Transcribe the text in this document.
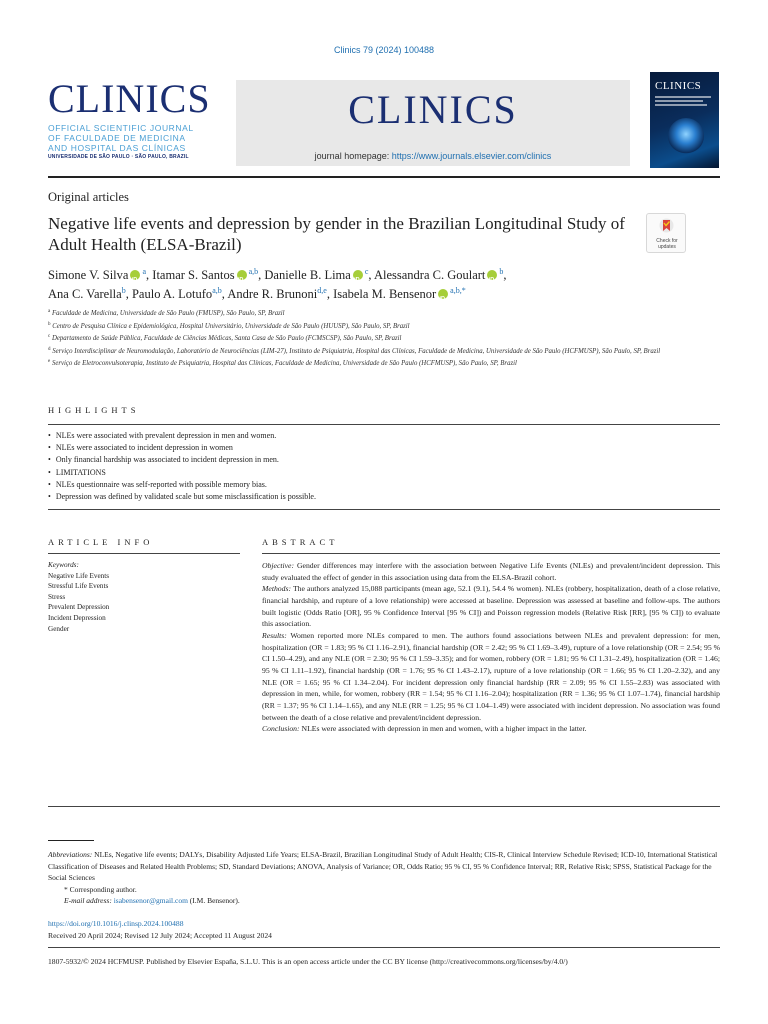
Clinics 79 (2024) 100488
CLINICS
OFFICIAL SCIENTIFIC JOURNAL
OF FACULDADE DE MEDICINA
AND HOSPITAL DAS CLÍNICAS
UNIVERSIDADE DE SÃO PAULO · SÃO PAULO, BRAZIL
CLINICS
journal homepage: https://www.journals.elsevier.com/clinics
CLINICS
Original articles
Negative life events and depression by gender in the Brazilian Longitudinal Study of Adult Health (ELSA-Brazil)	Check for updates
Simone V. Silva iD $^a$, Itamar S. Santos iD $^{a,b}$, Danielle B. Lima iD $^c$, Alessandra C. Goulart iD $^b$,
Ana C. Varella$^b$, Paulo A. Lotufo$^{a,b}$, Andre R. Brunoni$^{d,e}$, Isabela M. Bensenor iD $^{a,b,*}$
$^a$ Faculdade de Medicina, Universidade de São Paulo (FMUSP), São Paulo, SP, Brazil
$^b$ Centro de Pesquisa Clínica e Epidemiológica, Hospital Universitário, Universidade de São Paulo (HUUSP), São Paulo, SP, Brazil
$^c$ Departamento de Saúde Pública, Faculdade de Ciências Médicas, Santa Casa de São Paulo (FCMSCSP), São Paulo, SP, Brazil
$^d$ Serviço Interdisciplinar de Neuromodulação, Laboratório de Neurociências (LIM-27), Instituto de Psiquiatria, Hospital das Clínicas, Faculdade de Medicina, Universidade de São Paulo (HCFMUSP), São Paulo, SP, Brazil
$^e$ Serviço de Eletroconvulsoterapia, Instituto de Psiquiatria, Hospital das Clínicas, Faculdade de Medicina, Universidade de São Paulo (HCFMUSP), São Paulo, SP, Brazil
HIGHLIGHTS
• NLEs were associated with prevalent depression in men and women.
• NLEs were associated to incident depression in women
• Only financial hardship was associated to incident depression in men.
• LIMITATIONS
• NLEs questionnaire was self-reported with possible memory bias.
• Depression was defined by validated scale but some misclassification is possible.
ARTICLE INFO	ABSTRACT
Keywords:
Negative Life Events
Stressful Life Events
Stress
Prevalent Depression
Incident Depression
Gender

Objective: Gender differences may interfere with the association between Negative Life Events (NLEs) and prevalent/incident depression. This study evaluated the effect of gender in this association using data from the ELSA-Brazil cohort.

Methods: The authors analyzed 15,088 participants (mean age, 52.1 (9.1), 54.4 % women). NLEs (robbery, hospitalization, death of a close relative, financial hardship, and rupture of a love relationship) were accessed at baseline. Depression was assessed at baseline and follow-ups. The authors built logistic (Odds Ratio [OR], 95 % Confidence Interval [95 % CI]) and Poisson regression models (Relative Risk [RR], [95 % CI]) to evaluate this association.

Results: Women reported more NLEs compared to men. The authors found associations between NLEs and prevalent depression: for men, hospitalization (OR = 1.83; 95 % CI 1.16–2.91), financial hardship (OR = 2.42; 95 % CI 1.69–3.49), rupture of a love relationship (OR = 2.54; 95 % CI 1.50–4.29), and any NLE (OR = 2.30; 95 % CI 1.59–3.35); and for women, robbery (OR = 1.81; 95 % CI 1.31–2.49), hospitalization (OR = 1.46; 95 % CI 1.11–1.92), financial hardship (OR = 1.76; 95 % CI 1.43–2.17), rupture of a love relationship (OR = 1.66; 95 % CI 1.20–2.32), and any NLE (OR = 1.65; 95 % CI 1.34–2.04). For incident depression only financial hardship (RR = 2.09; 95 % CI 1.55–2.83) was associated with depression in men, while, for women, robbery (RR = 1.54; 95 % CI 1.16–2.04); hospitalization (RR = 1.36; 95 % CI 1.07–1.74), financial hardship (RR = 1.37; 95 % CI 1.14–1.65), and any NLE (RR = 1.25; 95 % CI 1.04–1.49) were associated with incident depression. No association was found between the death of a close relative and prevalent/incident depression.

Conclusion: NLEs were associated with depression in men and women, with a higher impact in the latter.

Abbreviations: NLEs, Negative life events; DALYs, Disability Adjusted Life Years; ELSA-Brazil, Brazilian Longitudinal Study of Adult Health; CIS-R, Clinical Interview Schedule Revised; ICD-10, International Statistical Classification of Diseases and Related Health Problems; SD, Standard Deviations; ANOVA, Analysis of Variance; OR, Odds Ratio; 95 % CI, 95 % Confidence Interval; RR, Relative Risk; SPSS, Statistical Package for the Social Sciences
* Corresponding author.
E-mail address: isabensenor@gmail.com (I.M. Bensenor).
https://doi.org/10.1016/j.clinsp.2024.100488
Received 20 April 2024; Revised 12 July 2024; Accepted 11 August 2024
1807-5932/© 2024 HCFMUSP. Published by Elsevier España, S.L.U. This is an open access article under the CC BY license (http://creativecommons.org/licenses/by/4.0/)
